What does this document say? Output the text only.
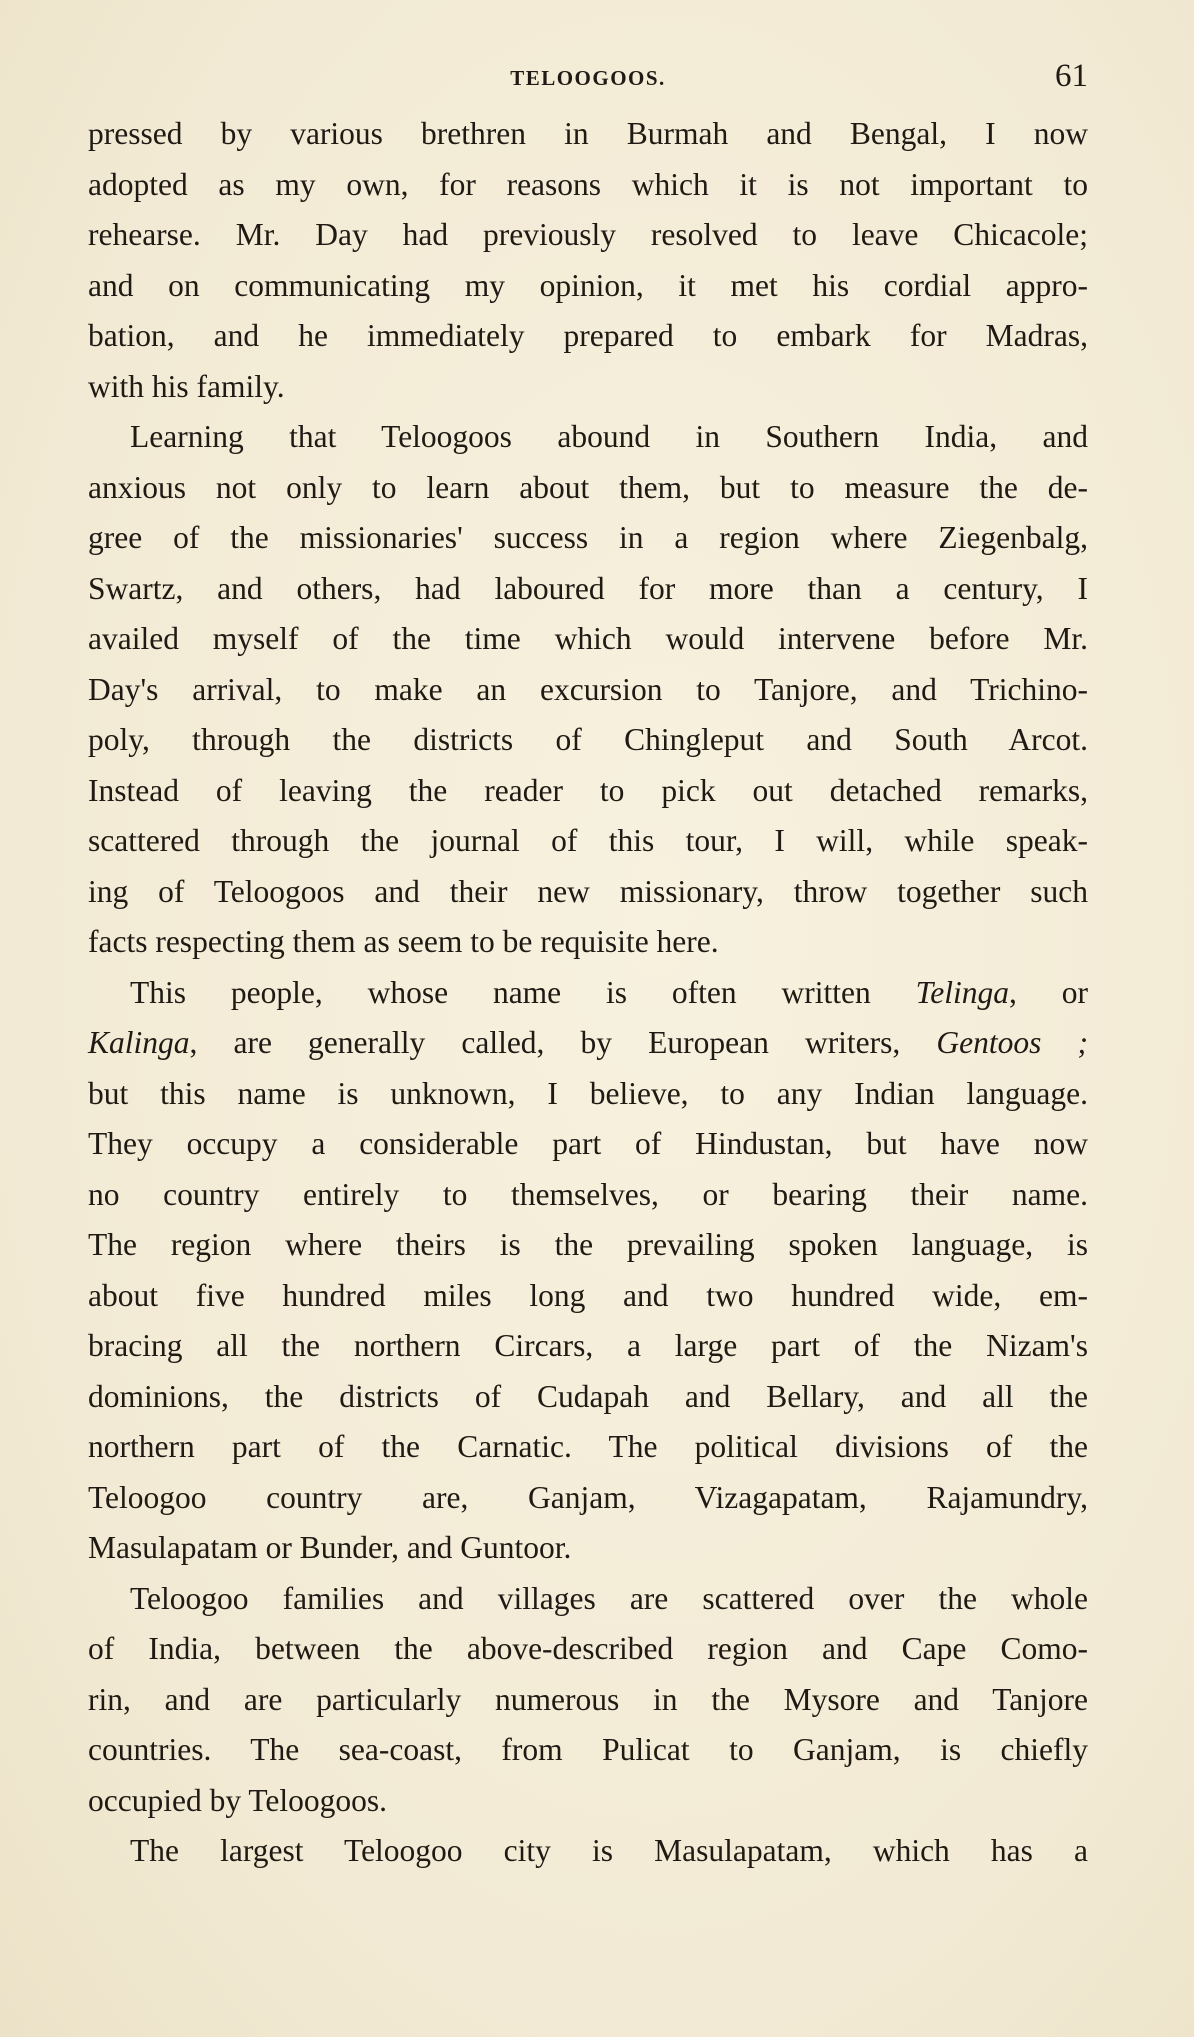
TELOOGOOS.	61
pressed by various brethren in Burmah and Bengal, I now
adopted as my own, for reasons which it is not important to
rehearse. Mr. Day had previously resolved to leave Chicacole;
and on communicating my opinion, it met his cordial appro-
bation, and he immediately prepared to embark for Madras,
with his family.
Learning that Teloogoos abound in Southern India, and
anxious not only to learn about them, but to measure the de-
gree of the missionaries' success in a region where Ziegenbalg,
Swartz, and others, had laboured for more than a century, I
availed myself of the time which would intervene before Mr.
Day's arrival, to make an excursion to Tanjore, and Trichino-
poly, through the districts of Chingleput and South Arcot.
Instead of leaving the reader to pick out detached remarks,
scattered through the journal of this tour, I will, while speak-
ing of Teloogoos and their new missionary, throw together such
facts respecting them as seem to be requisite here.
This people, whose name is often written Telinga, or
Kalinga, are generally called, by European writers, Gentoos ;
but this name is unknown, I believe, to any Indian language.
They occupy a considerable part of Hindustan, but have now
no country entirely to themselves, or bearing their name.
The region where theirs is the prevailing spoken language, is
about five hundred miles long and two hundred wide, em-
bracing all the northern Circars, a large part of the Nizam's
dominions, the districts of Cudapah and Bellary, and all the
northern part of the Carnatic. The political divisions of the
Teloogoo country are, Ganjam, Vizagapatam, Rajamundry,
Masulapatam or Bunder, and Guntoor.
Teloogoo families and villages are scattered over the whole
of India, between the above-described region and Cape Como-
rin, and are particularly numerous in the Mysore and Tanjore
countries. The sea-coast, from Pulicat to Ganjam, is chiefly
occupied by Teloogoos.
The largest Teloogoo city is Masulapatam, which has a
